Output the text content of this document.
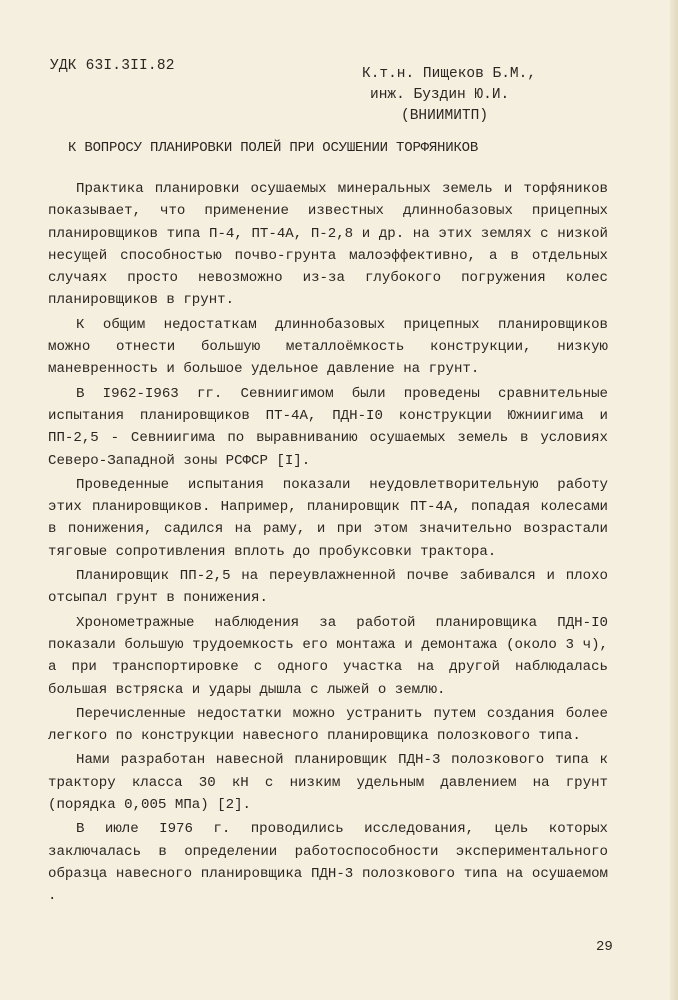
УДК 63I.3II.82	К.т.н. Пищеков Б.М.,
инж. Буздин Ю.И.
(ВНИИМИТП)
К ВОПРОСУ ПЛАНИРОВКИ ПОЛЕЙ ПРИ ОСУШЕНИИ ТОРФЯНИКОВ

Практика планировки осушаемых минеральных земель и торфяников показывает, что применение известных длиннобазовых прицепных планировщиков типа П-4, ПТ-4А, П-2,8 и др. на этих землях с низкой несущей способностью почво-грунта малоэффективно, а в отдельных случаях просто невозможно из-за глубокого погружения колес планировщиков в грунт.

К общим недостаткам длиннобазовых прицепных планировщиков можно отнести большую металлоёмкость конструкции, низкую маневренность и большое удельное давление на грунт.

В I962-I963 гг. Севниигимом были проведены сравнительные испытания планировщиков ПТ-4А, ПДН-I0 конструкции Южниигима и ПП-2,5 - Севниигима по выравниванию осушаемых земель в условиях Северо-Западной зоны РСФСР [I].

Проведенные испытания показали неудовлетворительную работу этих планировщиков. Например, планировщик ПТ-4А, попадая колесами в понижения, садился на раму, и при этом значительно возрастали тяговые сопротивления вплоть до пробуксовки трактора.

Планировщик ПП-2,5 на переувлажненной почве забивался и плохо отсыпал грунт в понижения.

Хронометражные наблюдения за работой планировщика ПДН-I0 показали большую трудоемкость его монтажа и демонтажа (около 3 ч), а при транспортировке с одного участка на другой наблюдалась большая встряска и удары дышла с лыжей о землю.

Перечисленные недостатки можно устранить путем создания более легкого по конструкции навесного планировщика полозкового типа.

Нами разработан навесной планировщик ПДН-3 полозкового типа к трактору класса 30 кН с низким удельным давлением на грунт (порядка 0,005 МПа) [2].

В июле I976 г. проводились исследования, цель которых заключалась в определении работоспособности экспериментального образца навесного планировщика ПДН-3 полозкового типа на осушаемом .

29
